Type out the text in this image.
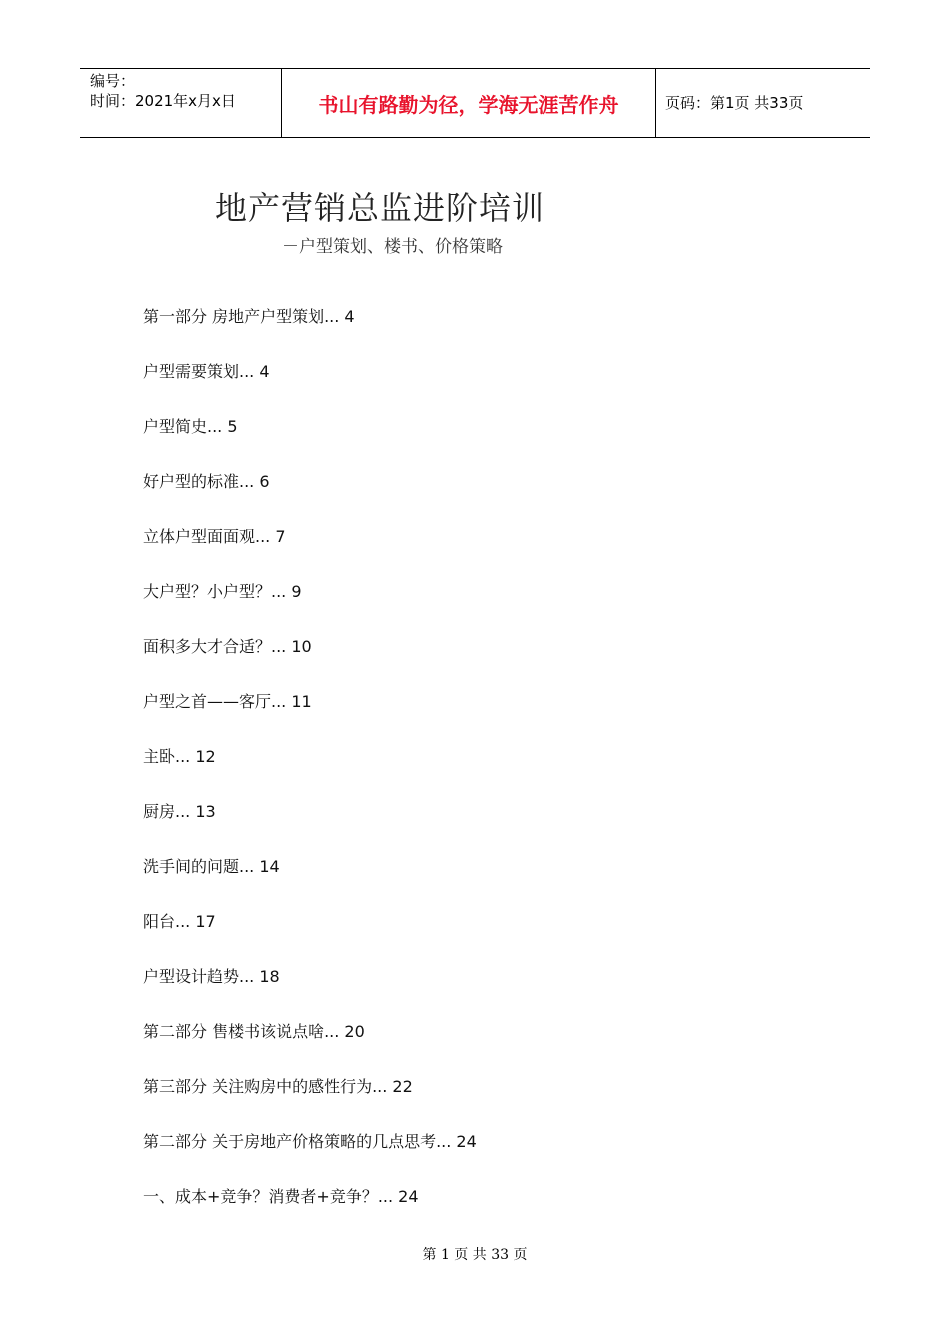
编号：
时间：2021年x月x日	书山有路勤为径，学海无涯苦作舟	页码：第1页 共33页
地产营销总监进阶培训
－户型策划、楼书、价格策略
第一部分 房地产户型策划... 4
户型需要策划... 4
户型简史... 5
好户型的标准... 6
立体户型面面观... 7
大户型？小户型？... 9
面积多大才合适？... 10
户型之首——客厅... 11
主卧... 12
厨房... 13
洗手间的问题... 14
阳台... 17
户型设计趋势... 18
第二部分 售楼书该说点啥... 20
第三部分 关注购房中的感性行为... 22
第二部分 关于房地产价格策略的几点思考... 24
一、成本+竞争？消费者+竞争？... 24
第 1 页 共 33 页
